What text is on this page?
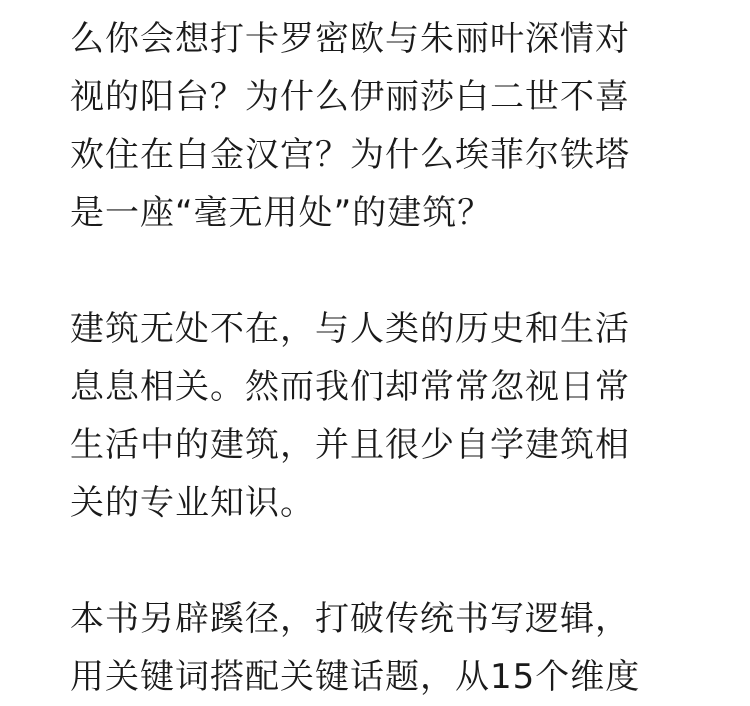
么你会想打卡罗密欧与朱丽叶深情对
视的阳台？为什么伊丽莎白二世不喜
欢住在白金汉宫？为什么埃菲尔铁塔
是一座“毫无用处”的建筑？
建筑无处不在，与人类的历史和生活
息息相关。然而我们却常常忽视日常
生活中的建筑，并且很少自学建筑相
关的专业知识。
本书另辟蹊径，打破传统书写逻辑，
用关键词搭配关键话题，从15个维度
